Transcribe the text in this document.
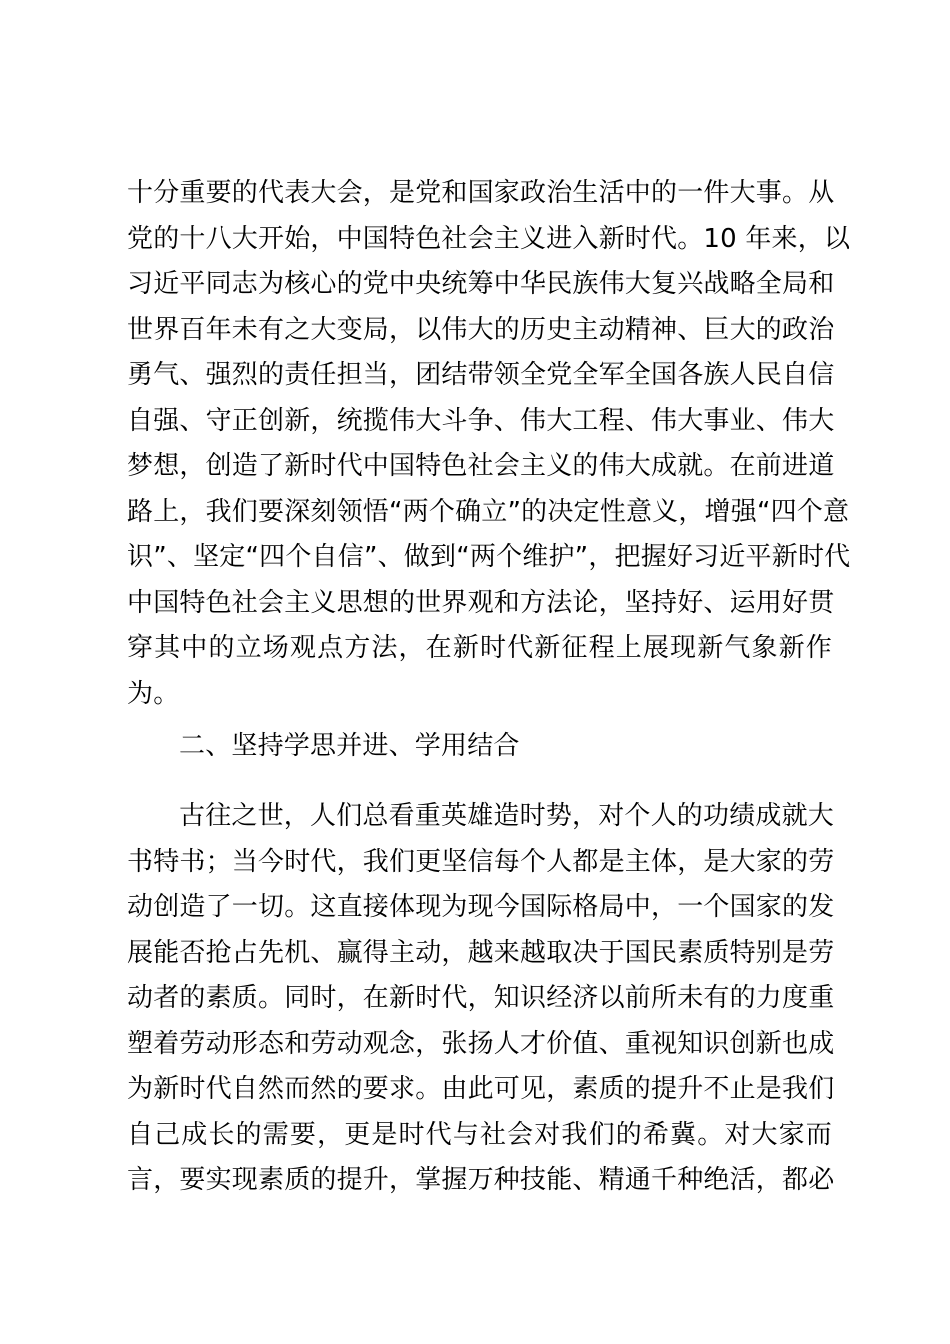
十分重要的代表大会，是党和国家政治生活中的一件大事。从
党的十八大开始，中国特色社会主义进入新时代。10 年来，以
习近平同志为核心的党中央统筹中华民族伟大复兴战略全局和
世界百年未有之大变局，以伟大的历史主动精神、巨大的政治
勇气、强烈的责任担当，团结带领全党全军全国各族人民自信
自强、守正创新，统揽伟大斗争、伟大工程、伟大事业、伟大
梦想，创造了新时代中国特色社会主义的伟大成就。在前进道
路上，我们要深刻领悟“两个确立”的决定性意义，增强“四个意
识”、坚定“四个自信”、做到“两个维护”，把握好习近平新时代
中国特色社会主义思想的世界观和方法论，坚持好、运用好贯
穿其中的立场观点方法，在新时代新征程上展现新气象新作
为。
二、坚持学思并进、学用结合
古往之世，人们总看重英雄造时势，对个人的功绩成就大
书特书；当今时代，我们更坚信每个人都是主体，是大家的劳
动创造了一切。这直接体现为现今国际格局中，一个国家的发
展能否抢占先机、赢得主动，越来越取决于国民素质特别是劳
动者的素质。同时，在新时代，知识经济以前所未有的力度重
塑着劳动形态和劳动观念，张扬人才价值、重视知识创新也成
为新时代自然而然的要求。由此可见，素质的提升不止是我们
自己成长的需要，更是时代与社会对我们的希冀。对大家而
言，要实现素质的提升，掌握万种技能、精通千种绝活，都必
